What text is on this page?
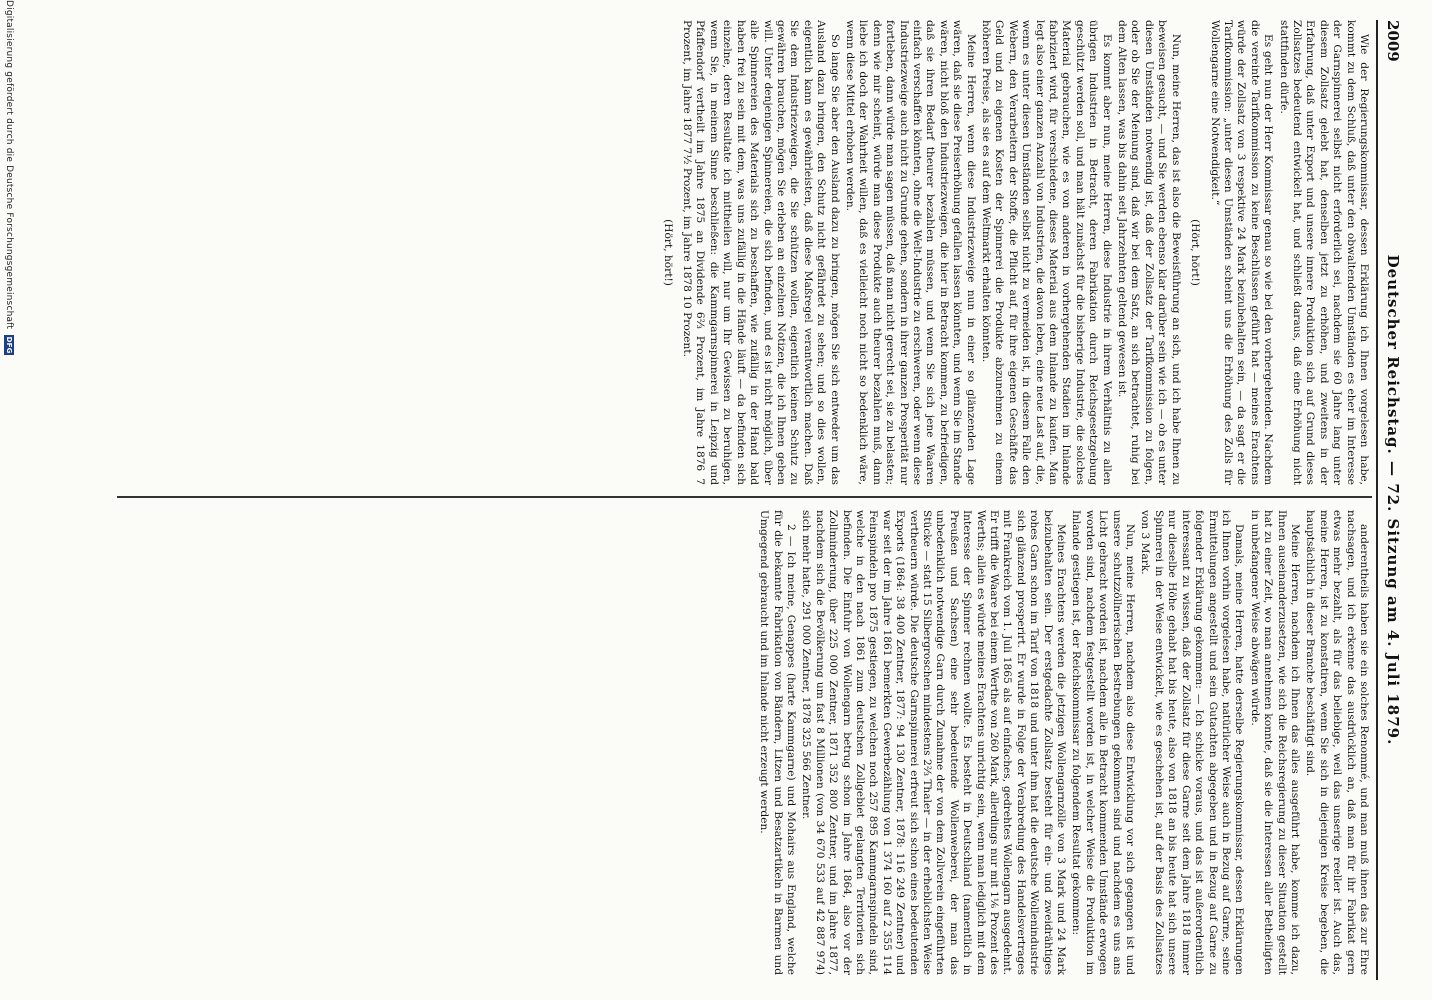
2009
Deutscher Reichstag. — 72. Sitzung am 4. Juli 1879.

Wie der Regierungskommissar, dessen Erklärung ich Ihnen vorgelesen habe, kommt zu dem Schluß, daß unter den obwaltenden Umständen es eher im Interesse der Garnspinnerei selbst nicht erforderlich sei, nachdem sie 60 Jahre lang unter diesem Zollsatz gelebt hat, denselben jetzt zu erhöhen, und zweitens in der Erfahrung, daß unter Export und unsere innere Produktion sich auf Grund dieses Zollsatzes bedeutend entwickelt hat, und schließt daraus, daß eine Erhöhung nicht stattfinden dürfe.

Es geht nun der Herr Kommissar genau so wie bei den vorhergehenden. Nachdem die vereinte Tarifkommission zu keine Beschlüssen geführt hat — meines Erachtens würde der Zollsatz von 3 respektive 24 Mark beizubehalten sein, — da sagt er die Tarifkommission: „unter diesen Umständen scheint uns die Erhöhung des Zolls für Wollengarne eine Notwendigkeit.“

(Hört, hört!)

Nun, meine Herren, das ist also die Beweisführung an sich, und ich habe Ihnen zu beweisen gesucht, — und Sie werden ebenso klar darüber sein wie ich — ob es unter diesen Umständen notwendig ist, daß der Zollsatz der Tarifkommission zu folgen, oder ob Sie der Meinung sind, daß wir bei dem Satz, an sich betrachtet, ruhig bei dem Alten lassen, was bis dahin seit Jahrzehnten geltend gewesen ist.

Es kommt aber nun, meine Herren, diese Industrie in ihrem Verhältnis zu allen übrigen Industrien in Betracht, deren Fabrikation durch Reichsgesetzgebung geschützt werden soll, und man hält zunächst für die bisherige Industrie, die solches Material gebrauchen, wie es von anderen in vorhergehenden Stadien im Inlande fabriziert wird, für verschiedene, dieses Material aus dem Inlande zu kaufen. Man legt also einer ganzen Anzahl von Industrien, die davon leben, eine neue Last auf, die, wenn es unter diesen Umständen selbst nicht zu vermeiden ist, in diesem Falle den Webern, den Verarbeitern der Stoffe, die Pflicht auf, für ihre eigenen Geschäfte das Geld und zu eigenen Kosten der Spinnerei die Produkte abzunehmen zu einem höheren Preise, als sie es auf dem Weltmarkt erhalten könnten.

Meine Herren, wenn diese Industriezweige nun in einer so glänzenden Lage wären, daß sie diese Preiserhöhung gefallen lassen könnten, und wenn Sie im Stande wären, nicht bloß den Industriezweigen, die hier in Betracht kommen, zu befriedigen, daß sie ihren Bedarf theurer bezahlen müssen, und wenn Sie sich jene Waaren einfach verschaffen könnten, ohne die Welt-Industrie zu erschweren, oder wenn diese Industriezweige auch nicht zu Grunde gehen, sondern in ihrer ganzen Prosperität nur fortleben, dann würde man sagen müssen, daß man nicht gerecht sei, sie zu belasten; denn wie mir scheint, würde man diese Produkte auch theurer bezahlen muß, dann liebe ich doch der Wahrheit willen, daß es vielleicht noch nicht so bedenklich wäre, wenn diese Mittel erhoben werden.

So lange Sie aber den Ausland dazu zu bringen, mögen Sie sich entweder um das Ausland dazu bringen, den Schutz nicht gefährdet zu sehen; und so dies wollen, eigentlich kann es gewährleisten, daß diese Maßregel verantwortlich machen. Daß Sie dem Industriezweigen, die Sie schützen wollen, eigentlich keinen Schutz zu gewähren brauchen, mögen Sie erleben an einzelnen Notizen, die ich Ihnen geben will. Unter denjenigen Spinnereien, die sich befinden, und es ist nicht möglich, über alle Spinnereien des Materials sich zu beschaffen, wie zufällig in der Hand bald haben frei zu sein mit dem, was uns zufällig in die Hände läuft — da befinden sich einzelne, deren Resultate ich mittheilen will, nur um Ihr Gewissen zu beruhigen, wenn Sie, in meinem Sinne beschließen: die Kammgarnspinnerei in Leipzig und Pfaffendorf vertheilt im Jahre 1875 an Dividende 6⅔ Prozent, im Jahre 1876 7 Prozent, im Jahre 1877 7½ Prozent, im Jahre 1878 10 Prozent.

(Hört, hört!)

anderentheils haben sie ein solches Renommé, und man muß ihnen das zur Ehre nachsagen, und ich erkenne das ausdrücklich an, daß man für ihr Fabrikat gern etwas mehr bezahlt, als für das beliebige, weil das unserige reeller ist. Auch das, meine Herren, ist zu konstatiren, wenn Sie sich in diejenigen Kreise begeben, die hauptsächlich in dieser Branche beschäftigt sind.

Meine Herren, nachdem ich Ihnen das alles ausgeführt habe, komme ich dazu, Ihnen auseinanderzusetzen, wie sich die Reichsregierung zu dieser Situation gestellt hat zu einer Zeit, wo man annehmen konnte, daß sie die Interessen aller Betheiligten in unbefangener Weise abwägen würde.

Damals, meine Herren, hatte derselbe Regierungskommissar, dessen Erklärungen ich Ihnen vorhin vorgelesen habe, natürlicher Weise auch in Bezug auf Garne, seine Ermittelungen angestellt und sein Gutachten abgegeben und in Bezug auf Garne zu folgender Erklärung gekommen: — Ich schicke voraus, und das ist außerordentlich interessant zu wissen, daß der Zollsatz für diese Garne seit dem Jahre 1818 immer nur dieselbe Höhe gehabt hat bis heute, also von 1818 an bis heute hat sich unsere Spinnerei in der Weise entwickelt, wie es geschehen ist, auf der Basis des Zollsatzes von 3 Mark.

Nun, meine Herren, nachdem also diese Entwicklung vor sich gegangen ist und unsere schutzzöllnerischen Bestrebungen gekommen sind und nachdem es uns ans Licht gebracht worden ist, nachdem alle in Betracht kommenden Umstände erwogen worden sind, nachdem festgestellt worden ist, in welcher Weise die Produktion im Inlande gestiegen ist, der Reichskommissar zu folgendem Resultat gekommen:

Meines Erachtens werden die jetzigen Wollengarnzölle von 3 Mark und 24 Mark beizubehalten sein. Der erstgedachte Zollsatz besteht für ein- und zweidrähtiges rohes Garn schon im Tarif von 1818 und unter ihm hat die deutsche Wollenindustrie sich glänzend prosperirt. Er wurde in Folge der Verabredung des Handelsvertrages mit Frankreich vom 1. Juli 1865 als auf einfaches, gedrehtes Wollengarn ausgedehnt. Er trifft die Waare bei einem Werthe von 260 Mark, allerdings nur mit 1⅙ Prozent des Werths; allein es würde meines Erachtens unrichtig sein, wenn man lediglich mit dem Interesse der Spinner rechnen wollte. Es besteht in Deutschland (namentlich in Preußen und Sachsen) eine sehr bedeutende Wollenweberei, der man das unbedenklich notwendige Garn durch Zunahme der von dem Zollverein eingeführten Stücke — statt 15 Silbergroschen mindestens 2⅔ Thaler — in der erheblichsten Weise vertheuern würde. Die deutsche Garnspinnerei erfreut sich schon eines bedeutenden Exports (1864: 38 400 Zentner, 1877: 94 130 Zentner, 1878: 116 249 Zentner) und war seit der im Jahre 1861 bemerkten Gewerbezählung von 1 374 160 auf 2 355 114 Feinspindeln pro 1875 gestiegen, zu welchen noch 257 895 Kammgarnspindeln sind, welche in den nach 1861 zum deutschen Zollgebiet gelangten Territorien sich befinden. Die Einfuhr von Wollengarn betrug schon im Jahre 1864, also vor der Zollminderung, über 225 000 Zentner, 1871 352 800 Zentner, und im Jahre 1877, nachdem sich die Bevölkerung um fast 8 Millionen (von 34 670 533 auf 42 887 974) sich mehr hatte, 291 000 Zentner, 1878 325 566 Zentner.

2 — Ich meine, Genappes (harte Kammgarne) und Mohairs aus England, welche für die bekannte Fabrikation von Bändern, Litzen und Besatzartikeln in Barmen und Umgegend gebraucht und im Inlande nicht erzeugt werden.

Digitalisierung gefördert durch die Deutsche ForschungsgemeinschaftDFG
